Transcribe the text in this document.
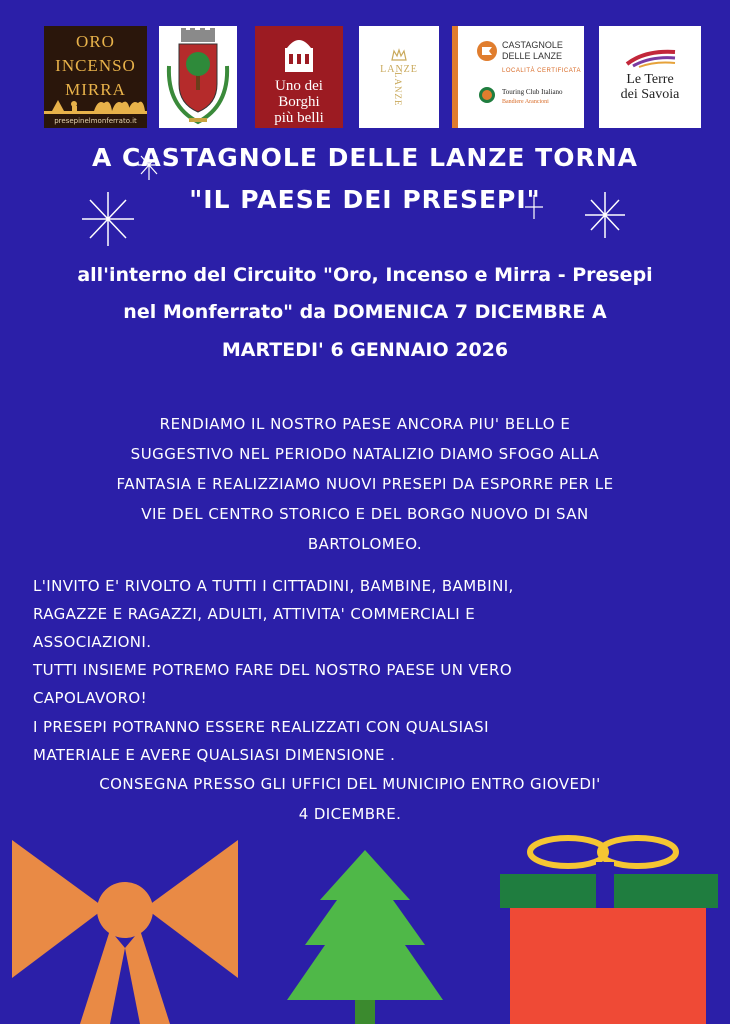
ORO
INCENSO
MIRRA
presepinelmonferrato.it
Uno dei
Borghi
più belli
LANZE
LANZE
CASTAGNOLE
DELLE LANZE
LOCALITÀ CERTIFICATA
Touring Club Italiano
Bandiere Arancioni
Le Terre
dei Savoia
A CASTAGNOLE DELLE LANZE TORNA
"IL PAESE DEI PRESEPI"
all'interno del Circuito "Oro, Incenso e Mirra - Presepi
nel Monferrato" da DOMENICA 7 DICEMBRE A
MARTEDI' 6 GENNAIO 2026
RENDIAMO IL NOSTRO PAESE ANCORA PIU' BELLO E
SUGGESTIVO NEL PERIODO NATALIZIO DIAMO SFOGO ALLA
FANTASIA E REALIZZIAMO NUOVI PRESEPI DA ESPORRE PER LE
VIE DEL CENTRO STORICO E DEL BORGO NUOVO DI SAN
BARTOLOMEO.
L'INVITO E' RIVOLTO A TUTTI I CITTADINI, BAMBINE, BAMBINI,
RAGAZZE E RAGAZZI, ADULTI, ATTIVITA' COMMERCIALI E
ASSOCIAZIONI.
TUTTI INSIEME POTREMO FARE DEL NOSTRO PAESE UN VERO
CAPOLAVORO!
I PRESEPI POTRANNO ESSERE REALIZZATI CON QUALSIASI
MATERIALE E AVERE QUALSIASI DIMENSIONE .
CONSEGNA PRESSO GLI UFFICI DEL MUNICIPIO ENTRO GIOVEDI'
4 DICEMBRE.
